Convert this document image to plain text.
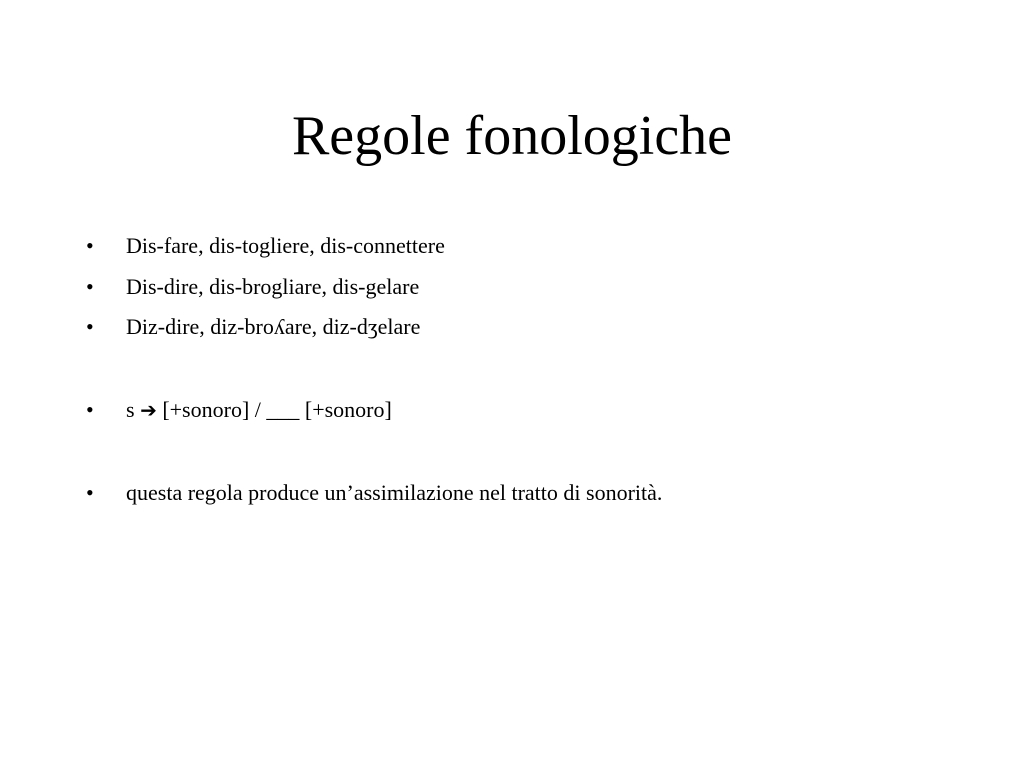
Regole fonologiche
• Dis-fare, dis-togliere, dis-connettere
• Dis-dire, dis-brogliare, dis-gelare
• Diz-dire, diz-broʎare, diz-dʒelare
• s ➔ [+sonoro] / ___ [+sonoro]
• questa regola produce un’assimilazione nel tratto di sonorità.
